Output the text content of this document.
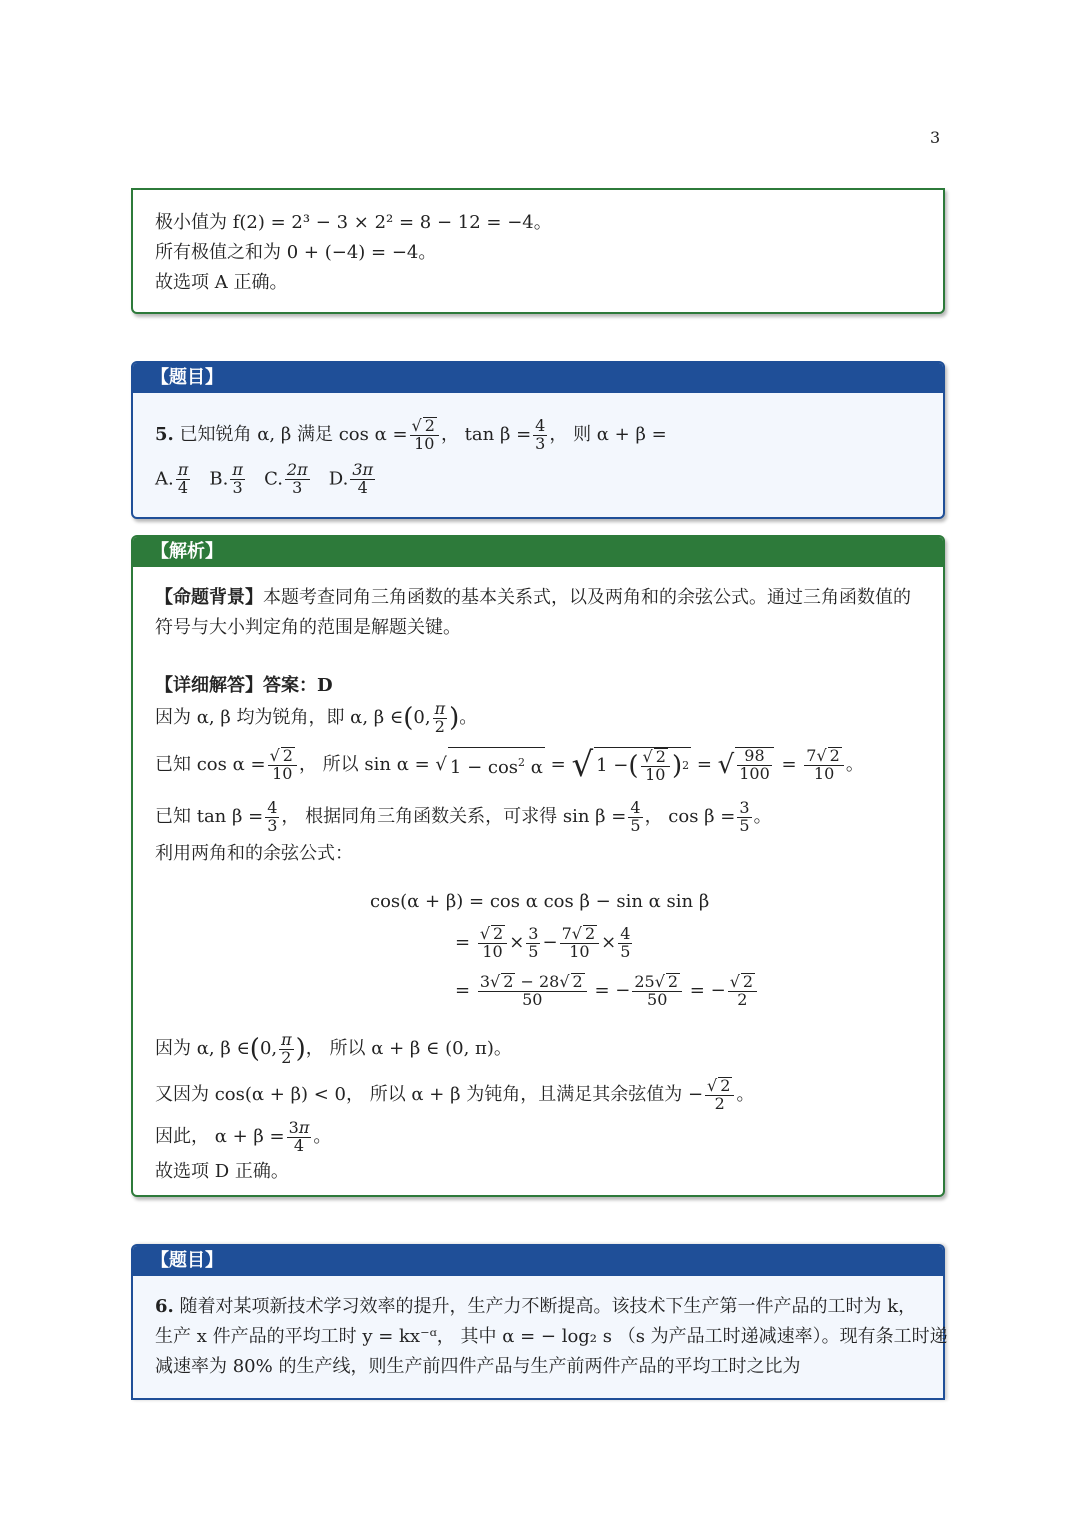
3
极小值为 f(2) = 2³ − 3 × 2² = 8 − 12 = −4。
所有极值之和为 0 + (−4) = −4。
故选项 A 正确。
【题目】
5.
已知锐角 α, β 满足 cos α = √ $\frac{2}{10}$ ， $\tan \beta = \frac{4}{3}$ ， 则 α + β =
A. $\frac{\pi}{4}$
B. $\frac{\pi}{3}$
C. $\frac{2\pi}{3}$
D. $\frac{3\pi}{4}$
【解析】
【命题背景】本题考查同角三角函数的基本关系式，以及两角和的余弦公式。通过三角函数值的
符号与大小判定角的范围是解题关键。
【详细解答】答案：D
因为 α, β 均为锐角，即 α, β ∈ ( 0, $\frac{\pi}{2}$ ) 。
已知 cos α = √ $\frac{2}{10}$ ， 所以 sin α =
√ $1 - \cos^2 \alpha$ = √ 1 − ( √ $\frac{2}{10}$ ) 2 = √ $\frac{98}{100} = \frac{7 √ 2}{10}$ 。
已知 $\tan \beta = \frac{4}{3}$ ， 根据同角三角函数关系，可求得 $\sin \beta = \frac{4}{5}$ ， $\cos \beta = \frac{3}{5}$ 。
利用两角和的余弦公式：
cos(α + β) = cos α cos β − sin α sin β
= √ $\frac{2}{10} \times \frac{3}{5} - \frac{7 √ 2}{10} \times \frac{4}{5}$
= $\frac{3 √ 2 - 28 √ 2}{50}$ = − $\frac{25 √ 2}{50}$ = − √ $\frac{2}{2}$
因为 α, β ∈ ( 0, $\frac{\pi}{2}$ ) ， 所以 α + β ∈ (0, π)。
又因为 cos(α + β) < 0， 所以 α + β 为钝角，且满足其余弦值为 − √ $\frac{2}{2}$ 。
因此， $\alpha + \beta = \frac{3\pi}{4}$ 。
故选项 D 正确。
【题目】
6. 随着对某项新技术学习效率的提升，生产力不断提高。该技术下生产第一件产品的工时为 k，
生产 x 件产品的平均工时 y = kx⁻ᵅ， 其中 α = − log₂ s （s 为产品工时递减速率）。现有条工时递
减速率为 80% 的生产线，则生产前四件产品与生产前两件产品的平均工时之比为
